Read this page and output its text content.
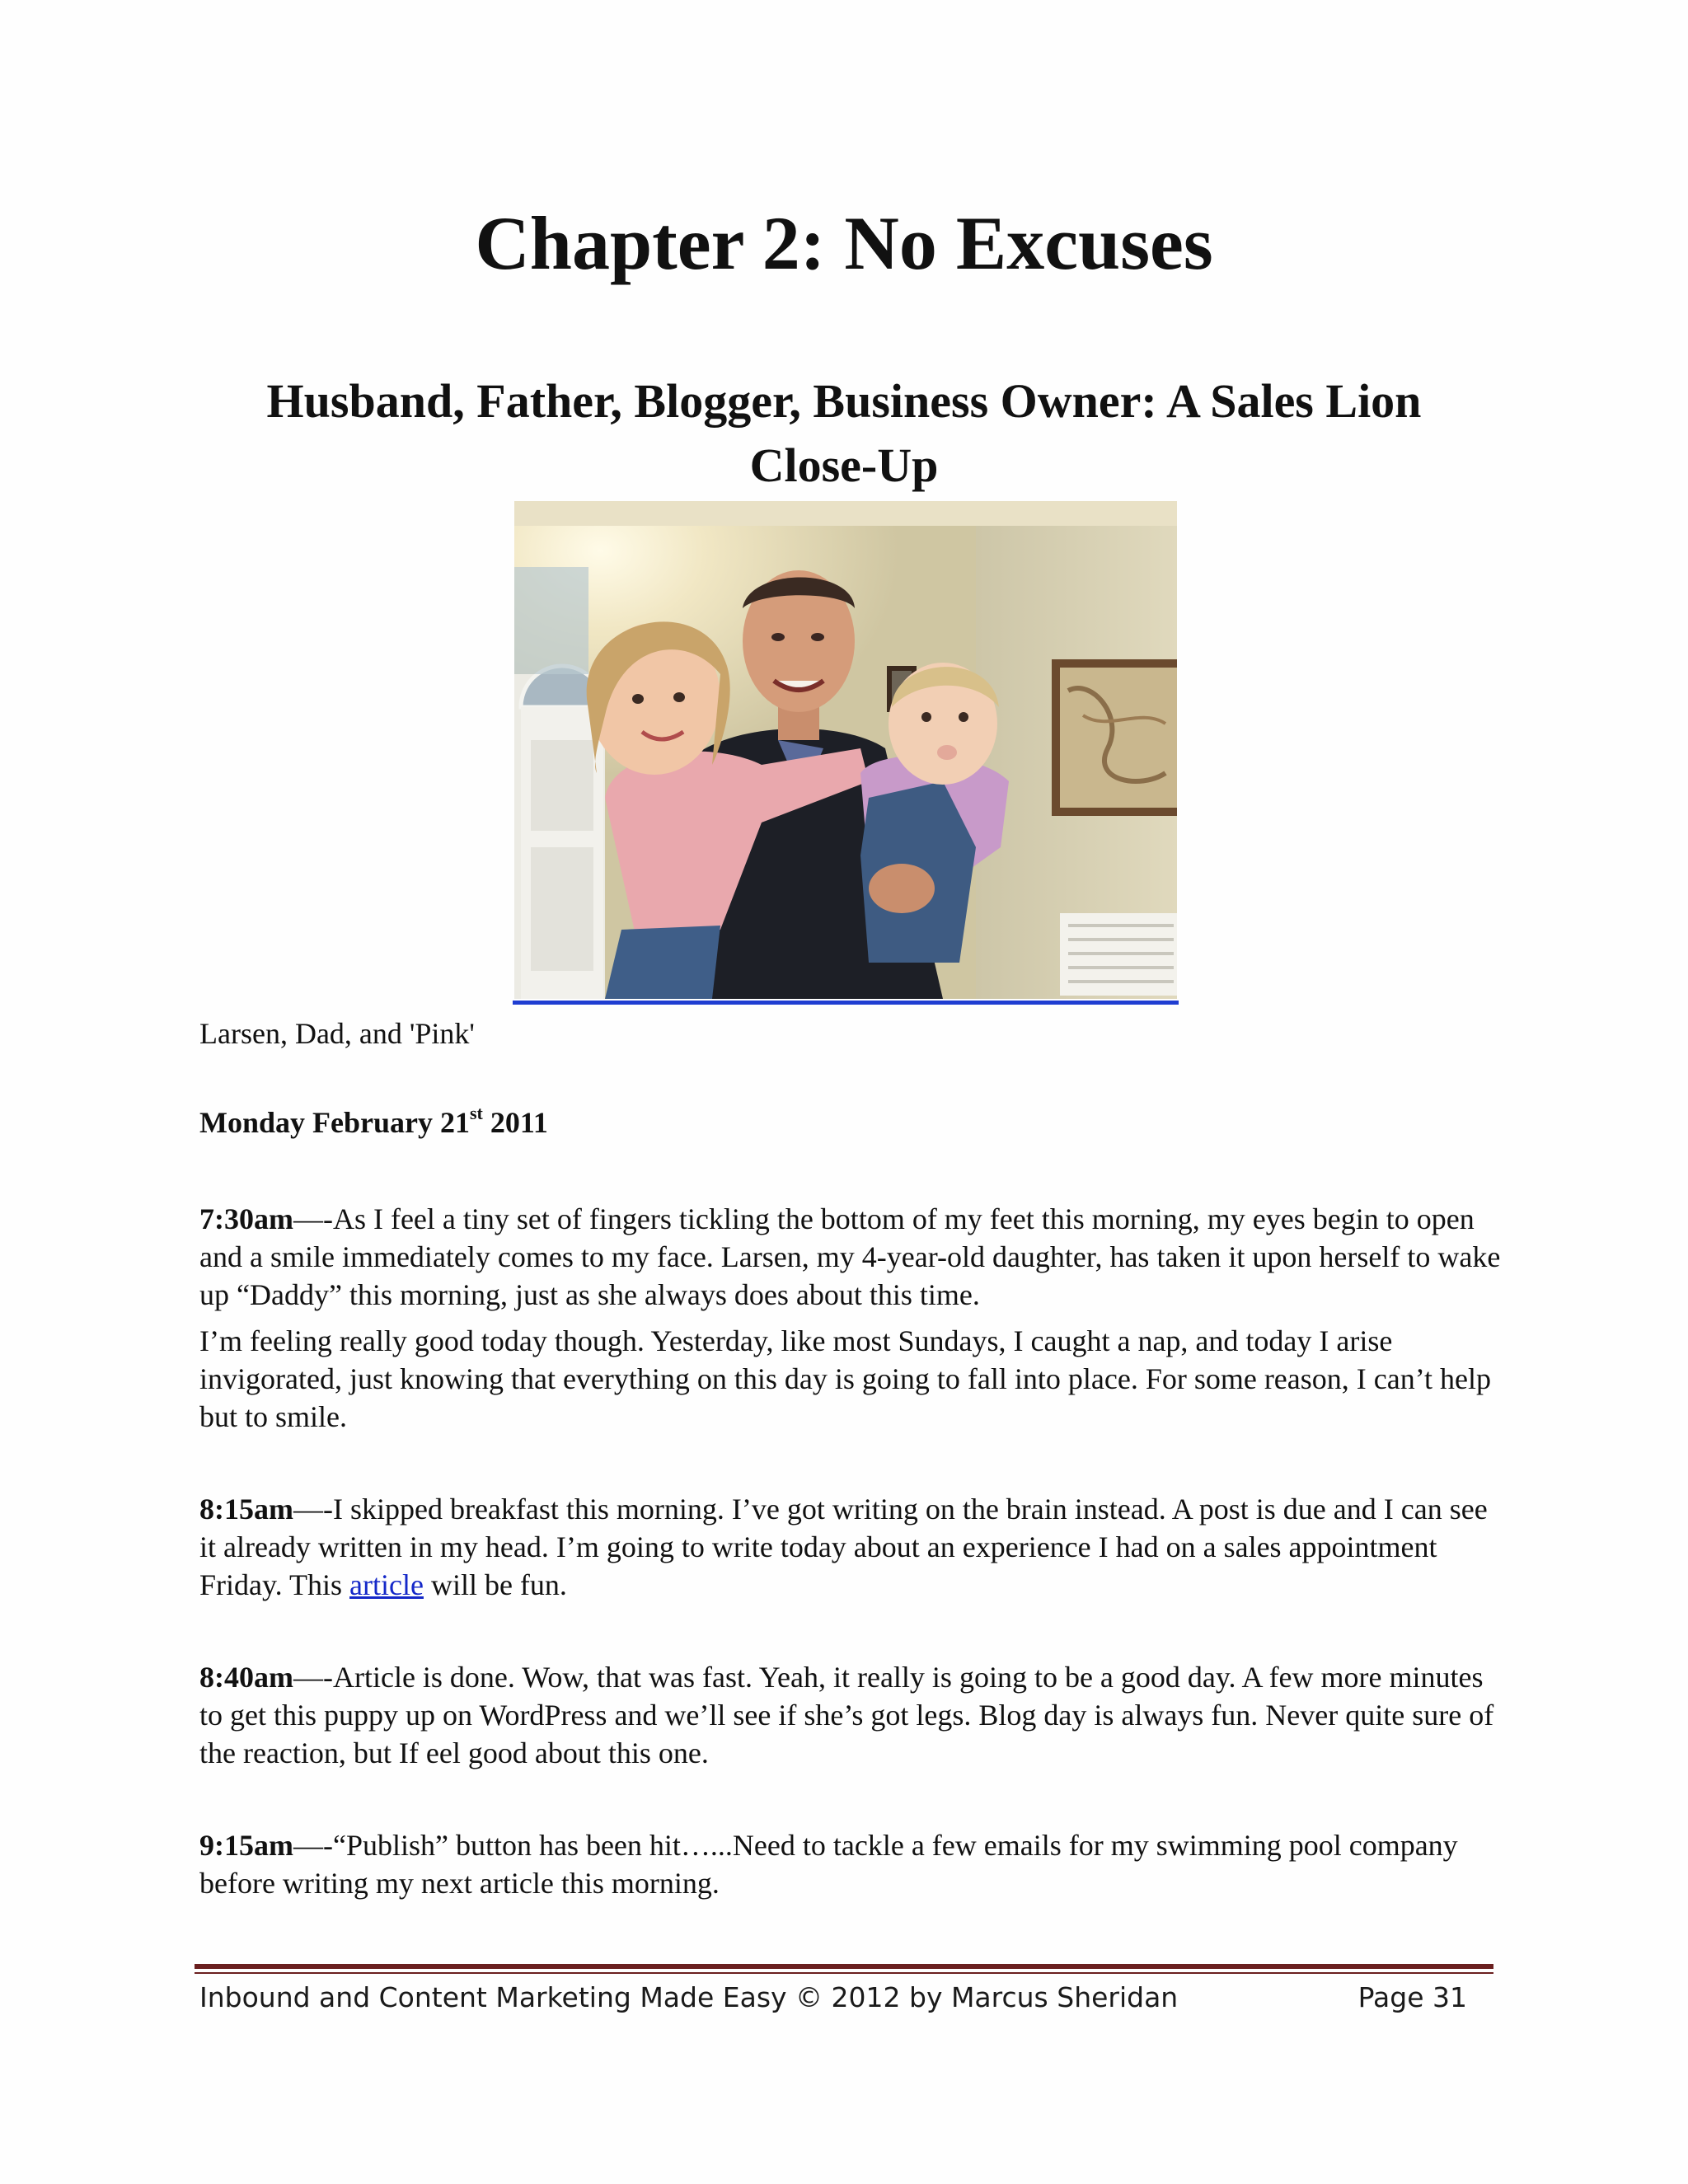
Chapter 2: No Excuses
Husband, Father, Blogger, Business Owner: A Sales Lion
Close-Up

Larsen, Dad, and 'Pink'

Monday February 21st 2011

7:30am—-As I feel a tiny set of fingers tickling the bottom of my feet this morning, my eyes begin to open and a smile immediately comes to my face. Larsen, my 4-year-old daughter, has taken it upon herself to wake up “Daddy” this morning, just as she always does about this time.

I’m feeling really good today though. Yesterday, like most Sundays, I caught a nap, and today I arise invigorated, just knowing that everything on this day is going to fall into place. For some reason, I can’t help but to smile.

8:15am—-I skipped breakfast this morning. I’ve got writing on the brain instead. A post is due and I can see it already written in my head. I’m going to write today about an experience I had on a sales appointment Friday. This article will be fun.

8:40am—-Article is done. Wow, that was fast. Yeah, it really is going to be a good day. A few more minutes to get this puppy up on WordPress and we’ll see if she’s got legs. Blog day is always fun. Never quite sure of the reaction, but If eel good about this one.

9:15am—-“Publish” button has been hit…...Need to tackle a few emails for my swimming pool company before writing my next article this morning.

Inbound and Content Marketing Made Easy © 2012 by Marcus Sheridan	Page 31
